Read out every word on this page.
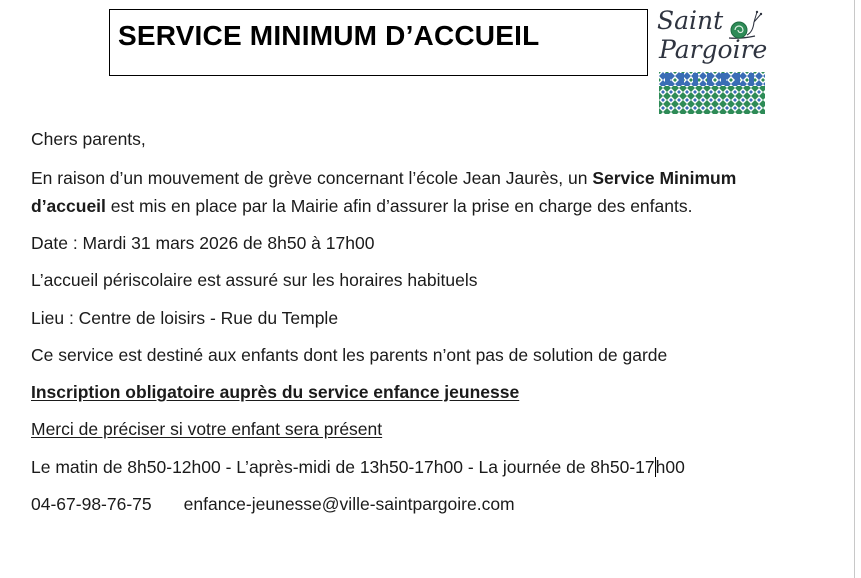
SERVICE MINIMUM D’ACCUEIL	Saint
Pargoire
Chers parents,
En raison d’un mouvement de grève concernant l’école Jean Jaurès, un Service Minimum
d’accueil est mis en place par la Mairie afin d’assurer la prise en charge des enfants.
Date : Mardi 31 mars 2026 de 8h50 à 17h00
L’accueil périscolaire est assuré sur les horaires habituels
Lieu : Centre de loisirs - Rue du Temple
Ce service est destiné aux enfants dont les parents n’ont pas de solution de garde
Inscription obligatoire auprès du service enfance jeunesse
Merci de préciser si votre enfant sera présent
Le matin de 8h50-12h00 - L’après-midi de 13h50-17h00 - La journée de 8h50-17h00
04-67-98-76-75 enfance-jeunesse@ville-saintpargoire.com
